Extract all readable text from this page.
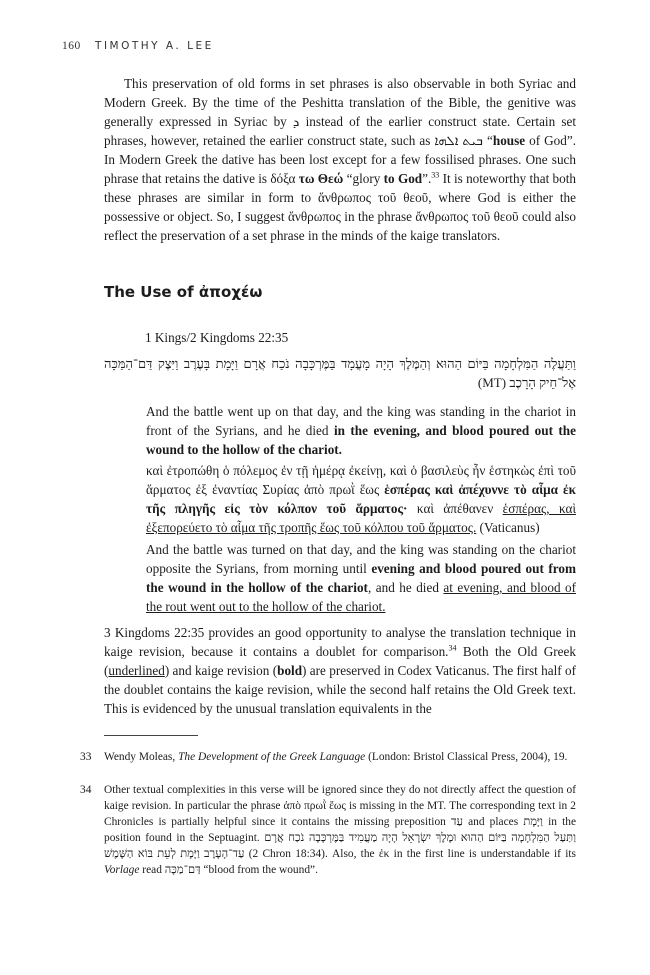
160 TIMOTHY A. LEE
This preservation of old forms in set phrases is also observable in both Syriac and Modern Greek. By the time of the Peshitta translation of the Bible, the genitive was generally expressed in Syriac by ܕ instead of the earlier construct state. Certain set phrases, however, retained the earlier construct state, such as ܒܝܬ ܐܠܗܐ “house of God”. In Modern Greek the dative has been lost except for a few fossilised phrases. One such phrase that retains the dative is δόξα τω Θεώ “glory to God”.$^{33}$ It is noteworthy that both these phrases are similar in form to ἄνθρωπος τοῦ θεοῦ, where God is either the possessive or object. So, I suggest ἄνθρωπος in the phrase ἄνθρωπος τοῦ θεοῦ could also reflect the preservation of a set phrase in the minds of the kaige translators.
The Use of ἀποχέω
1 Kings/2 Kingdoms 22:35
וַתַּעֲלֶה הַמִּלְחָמָה בַּיּוֹם הַהוּא וְהַמֶּלֶךְ הָיָה מָעֳמָד בַּמֶּרְכָּבָה נֹכַח אֲרָם וַיָּמָת בָּעֶרֶב וַיִּצֶק דַּם־הַמַּכָּה אֶל־חֵיק הָרָכֶב (MT)
And the battle went up on that day, and the king was standing in the chariot in front of the Syrians, and he died in the evening, and blood poured out the wound to the hollow of the chariot.
καὶ ἐτροπώθη ὁ πόλεμος ἐν τῇ ἡμέρᾳ ἐκείνῃ, καὶ ὁ βασιλεὺς ἦν ἑστηκὼς ἐπὶ τοῦ ἅρματος ἐξ ἐναντίας Συρίας ἀπὸ πρωῒ ἕως ἑσπέρας καὶ ἀπέχυννε τὸ αἷμα ἐκ τῆς πληγῆς εἰς τὸν κόλπον τοῦ ἅρματος· καὶ ἀπέθανεν ἑσπέρας, καὶ ἐξεπορεύετο τὸ αἷμα τῆς τροπῆς ἕως τοῦ κόλπου τοῦ ἅρματος. (Vaticanus)
And the battle was turned on that day, and the king was standing on the chariot opposite the Syrians, from morning until evening and blood poured out from the wound in the hollow of the chariot, and he died at evening, and blood of the rout went out to the hollow of the chariot.
3 Kingdoms 22:35 provides an good opportunity to analyse the translation technique in kaige revision, because it contains a doublet for comparison.$^{34}$ Both the Old Greek (underlined) and kaige revision (bold) are preserved in Codex Vaticanus. The first half of the doublet contains the kaige revision, while the second half retains the Old Greek text. This is evidenced by the unusual translation equivalents in the
33	Wendy Moleas, The Development of the Greek Language (London: Bristol Classical Press, 2004), 19.
34	Other textual complexities in this verse will be ignored since they do not directly affect the question of kaige revision. In particular the phrase ἀπὸ πρωῒ ἕως is missing in the MT. The corresponding text in 2 Chronicles is partially helpful since it contains the missing preposition עַד and places וַיָּמָת in the position found in the Septuagint. וַתַּעַל הַמִּלְחָמָה בַּיּוֹם הַהוּא וּמֶלֶךְ יִשְׂרָאֵל הָיָה מַעֲמִיד בַּמֶּרְכָּבָה נֹכַח אֲרָם עַד־הָעָרֶב וַיָּמָת לְעֵת בּוֹא הַשָּׁמֶשׁ (2 Chron 18:34). Also, the ἐκ in the first line is understandable if its Vorlage read דַּם־מַכָּה “blood from the wound”.
